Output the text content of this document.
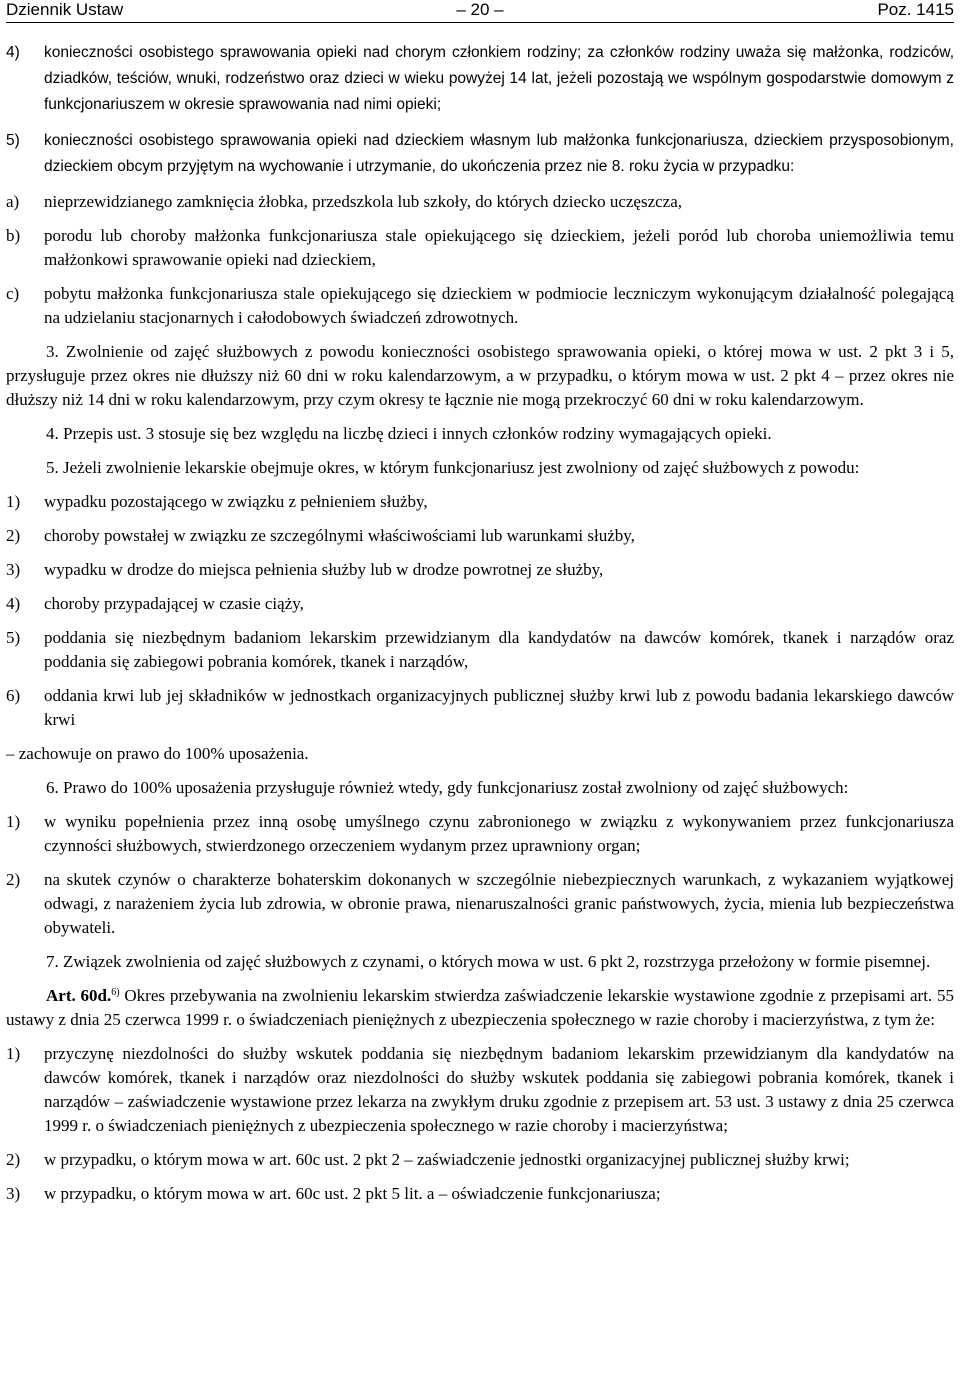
Dziennik Ustaw	– 20 –	Poz. 1415

4) konieczności osobistego sprawowania opieki nad chorym członkiem rodziny; za członków rodziny uważa się małżonka, rodziców, dziadków, teściów, wnuki, rodzeństwo oraz dzieci w wieku powyżej 14 lat, jeżeli pozostają we wspólnym gospodarstwie domowym z funkcjonariuszem w okresie sprawowania nad nimi opieki;

5) konieczności osobistego sprawowania opieki nad dzieckiem własnym lub małżonka funkcjonariusza, dzieckiem przysposobionym, dzieckiem obcym przyjętym na wychowanie i utrzymanie, do ukończenia przez nie 8. roku życia w przypadku:

a) nieprzewidzianego zamknięcia żłobka, przedszkola lub szkoły, do których dziecko uczęszcza,

b) porodu lub choroby małżonka funkcjonariusza stale opiekującego się dzieckiem, jeżeli poród lub choroba uniemożliwia temu małżonkowi sprawowanie opieki nad dzieckiem,

c) pobytu małżonka funkcjonariusza stale opiekującego się dzieckiem w podmiocie leczniczym wykonującym działalność polegającą na udzielaniu stacjonarnych i całodobowych świadczeń zdrowotnych.

3. Zwolnienie od zajęć służbowych z powodu konieczności osobistego sprawowania opieki, o której mowa w ust. 2 pkt 3 i 5, przysługuje przez okres nie dłuższy niż 60 dni w roku kalendarzowym, a w przypadku, o którym mowa w ust. 2 pkt 4 – przez okres nie dłuższy niż 14 dni w roku kalendarzowym, przy czym okresy te łącznie nie mogą przekroczyć 60 dni w roku kalendarzowym.

4. Przepis ust. 3 stosuje się bez względu na liczbę dzieci i innych członków rodziny wymagających opieki.

5. Jeżeli zwolnienie lekarskie obejmuje okres, w którym funkcjonariusz jest zwolniony od zajęć służbowych z powodu:

1) wypadku pozostającego w związku z pełnieniem służby,

2) choroby powstałej w związku ze szczególnymi właściwościami lub warunkami służby,

3) wypadku w drodze do miejsca pełnienia służby lub w drodze powrotnej ze służby,

4) choroby przypadającej w czasie ciąży,

5) poddania się niezbędnym badaniom lekarskim przewidzianym dla kandydatów na dawców komórek, tkanek i narządów oraz poddania się zabiegowi pobrania komórek, tkanek i narządów,

6) oddania krwi lub jej składników w jednostkach organizacyjnych publicznej służby krwi lub z powodu badania lekarskiego dawców krwi

– zachowuje on prawo do 100% uposażenia.

6. Prawo do 100% uposażenia przysługuje również wtedy, gdy funkcjonariusz został zwolniony od zajęć służbowych:

1) w wyniku popełnienia przez inną osobę umyślnego czynu zabronionego w związku z wykonywaniem przez funkcjonariusza czynności służbowych, stwierdzonego orzeczeniem wydanym przez uprawniony organ;

2) na skutek czynów o charakterze bohaterskim dokonanych w szczególnie niebezpiecznych warunkach, z wykazaniem wyjątkowej odwagi, z narażeniem życia lub zdrowia, w obronie prawa, nienaruszalności granic państwowych, życia, mienia lub bezpieczeństwa obywateli.

7. Związek zwolnienia od zajęć służbowych z czynami, o których mowa w ust. 6 pkt 2, rozstrzyga przełożony w formie pisemnej.

Art. 60d.$^{6)}$ Okres przebywania na zwolnieniu lekarskim stwierdza zaświadczenie lekarskie wystawione zgodnie z przepisami art. 55 ustawy z dnia 25 czerwca 1999 r. o świadczeniach pieniężnych z ubezpieczenia społecznego w razie choroby i macierzyństwa, z tym że:

1) przyczynę niezdolności do służby wskutek poddania się niezbędnym badaniom lekarskim przewidzianym dla kandydatów na dawców komórek, tkanek i narządów oraz niezdolności do służby wskutek poddania się zabiegowi pobrania komórek, tkanek i narządów – zaświadczenie wystawione przez lekarza na zwykłym druku zgodnie z przepisem art. 53 ust. 3 ustawy z dnia 25 czerwca 1999 r. o świadczeniach pieniężnych z ubezpieczenia społecznego w razie choroby i macierzyństwa;

2) w przypadku, o którym mowa w art. 60c ust. 2 pkt 2 – zaświadczenie jednostki organizacyjnej publicznej służby krwi;

3) w przypadku, o którym mowa w art. 60c ust. 2 pkt 5 lit. a – oświadczenie funkcjonariusza;
